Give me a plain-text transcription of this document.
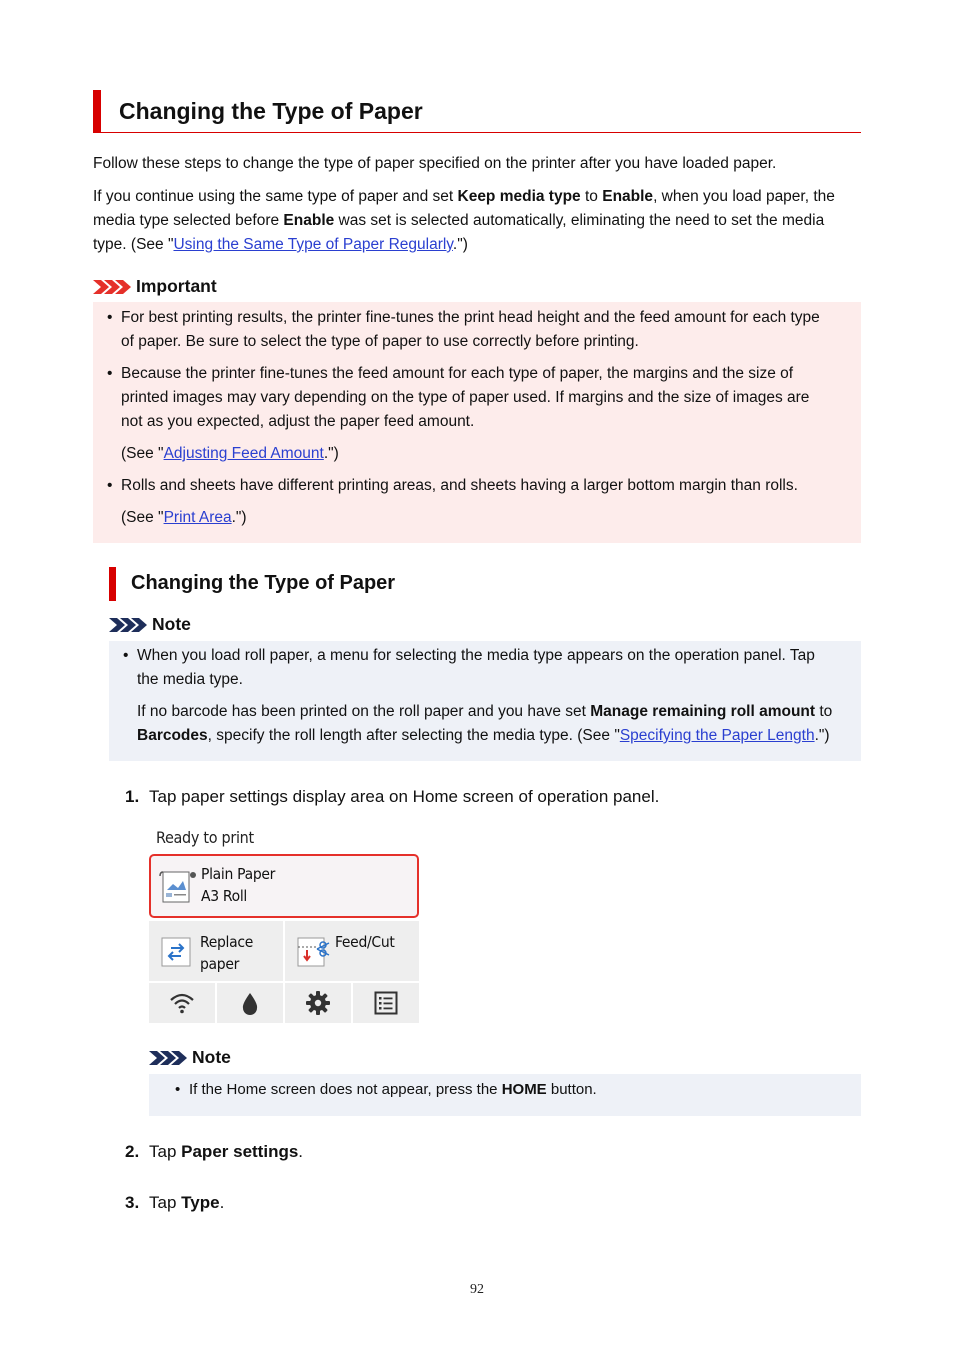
Changing the Type of Paper
Follow these steps to change the type of paper specified on the printer after you have loaded paper.
If you continue using the same type of paper and set Keep media type to Enable, when you load paper, the
media type selected before Enable was set is selected automatically, eliminating the need to set the media
type. (See "Using the Same Type of Paper Regularly.")
Important
• For best printing results, the printer fine-tunes the print head height and the feed amount for each type
of paper. Be sure to select the type of paper to use correctly before printing.
• Because the printer fine-tunes the feed amount for each type of paper, the margins and the size of
printed images may vary depending on the type of paper used. If margins and the size of images are
not as you expected, adjust the paper feed amount.
(See "Adjusting Feed Amount.")
• Rolls and sheets have different printing areas, and sheets having a larger bottom margin than rolls.
(See "Print Area.")
Changing the Type of Paper
Note
• When you load roll paper, a menu for selecting the media type appears on the operation panel. Tap
the media type.
If no barcode has been printed on the roll paper and you have set Manage remaining roll amount to
Barcodes, specify the roll length after selecting the media type. (See "Specifying the Paper Length.")
1. Tap paper settings display area on Home screen of operation panel.
Ready to print
Plain Paper
A3 Roll
Replace
paper
Feed/Cut
Note
• If the Home screen does not appear, press the HOME button.
2. Tap Paper settings.
3. Tap Type.
92
